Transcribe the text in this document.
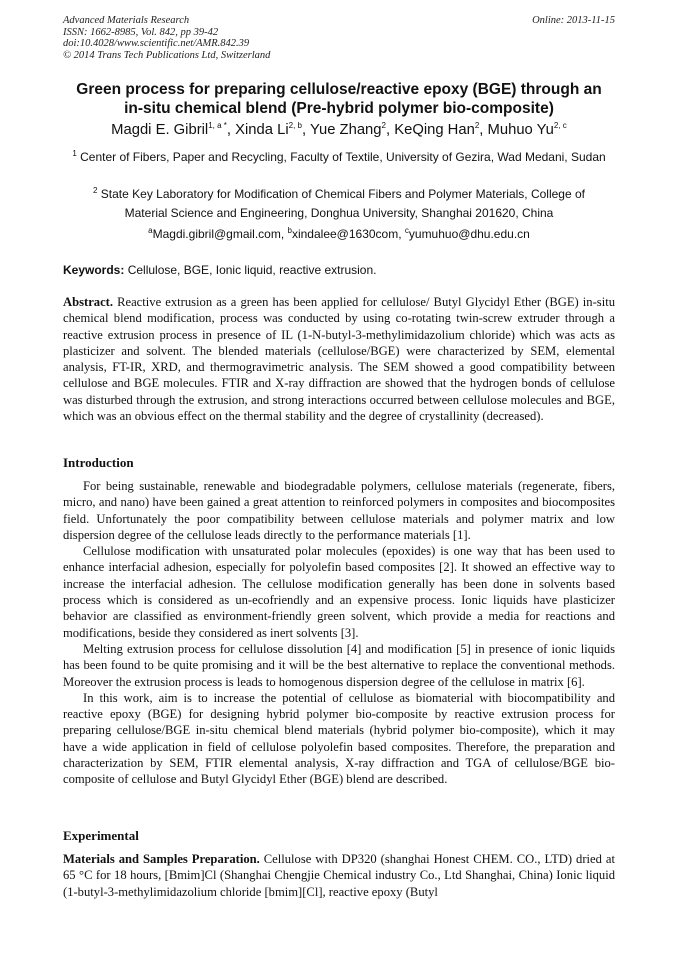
Advanced Materials Research
ISSN: 1662-8985, Vol. 842, pp 39-42
doi:10.4028/www.scientific.net/AMR.842.39
© 2014 Trans Tech Publications Ltd, Switzerland
Online: 2013-11-15
Green process for preparing cellulose/reactive epoxy (BGE) through an
in-situ chemical blend (Pre-hybrid polymer bio-composite)
Magdi E. Gibril$^{1, a *}$, Xinda Li$^{2, b}$, Yue Zhang$^2$, KeQing Han$^2$, Muhuo Yu$^{2, c}$
$^1$ Center of Fibers, Paper and Recycling, Faculty of Textile, University of Gezira, Wad Medani, Sudan
$^2$ State Key Laboratory for Modification of Chemical Fibers and Polymer Materials, College of Material Science and Engineering, Donghua University, Shanghai 201620, China
$^a$Magdi.gibril@gmail.com, $^b$xindalee@1630com, $^c$yumuhuo@dhu.edu.cn
Keywords: Cellulose, BGE, Ionic liquid, reactive extrusion.

Abstract. Reactive extrusion as a green has been applied for cellulose/ Butyl Glycidyl Ether (BGE) in-situ chemical blend modification, process was conducted by using co-rotating twin-screw extruder through a reactive extrusion process in presence of IL (1-N-butyl-3-methylimidazolium chloride) which was acts as plasticizer and solvent. The blended materials (cellulose/BGE) were characterized by SEM, elemental analysis, FT-IR, XRD, and thermogravimetric analysis. The SEM showed a good compatibility between cellulose and BGE molecules. FTIR and X-ray diffraction are showed that the hydrogen bonds of cellulose was disturbed through the extrusion, and strong interactions occurred between cellulose molecules and BGE, which was an obvious effect on the thermal stability and the degree of crystallinity (decreased).

Introduction

For being sustainable, renewable and biodegradable polymers, cellulose materials (regenerate, fibers, micro, and nano) have been gained a great attention to reinforced polymers in composites and biocomposites field. Unfortunately the poor compatibility between cellulose materials and polymer matrix and low dispersion degree of the cellulose leads directly to the performance materials [1].

Cellulose modification with unsaturated polar molecules (epoxides) is one way that has been used to enhance interfacial adhesion, especially for polyolefin based composites [2]. It showed an effective way to increase the interfacial adhesion. The cellulose modification generally has been done in solvents based process which is considered as un-ecofriendly and an expensive process. Ionic liquids have plasticizer behavior are classified as environment-friendly green solvent, which provide a media for reactions and modifications, beside they considered as inert solvents [3].

Melting extrusion process for cellulose dissolution [4] and modification [5] in presence of ionic liquids has been found to be quite promising and it will be the best alternative to replace the conventional methods. Moreover the extrusion process is leads to homogenous dispersion degree of the cellulose in matrix [6].

In this work, aim is to increase the potential of cellulose as biomaterial with biocompatibility and reactive epoxy (BGE) for designing hybrid polymer bio-composite by reactive extrusion process for preparing cellulose/BGE in-situ chemical blend materials (hybrid polymer bio-composite), which it may have a wide application in field of cellulose polyolefin based composites. Therefore, the preparation and characterization by SEM, FTIR elemental analysis, X-ray diffraction and TGA of cellulose/BGE bio-composite of cellulose and Butyl Glycidyl Ether (BGE) blend are described.

Experimental

Materials and Samples Preparation. Cellulose with DP320 (shanghai Honest CHEM. CO., LTD) dried at 65 °C for 18 hours, [Bmim]Cl (Shanghai Chengjie Chemical industry Co., Ltd Shanghai, China) Ionic liquid (1-butyl-3-methylimidazolium chloride [bmim][Cl], reactive epoxy (Butyl
